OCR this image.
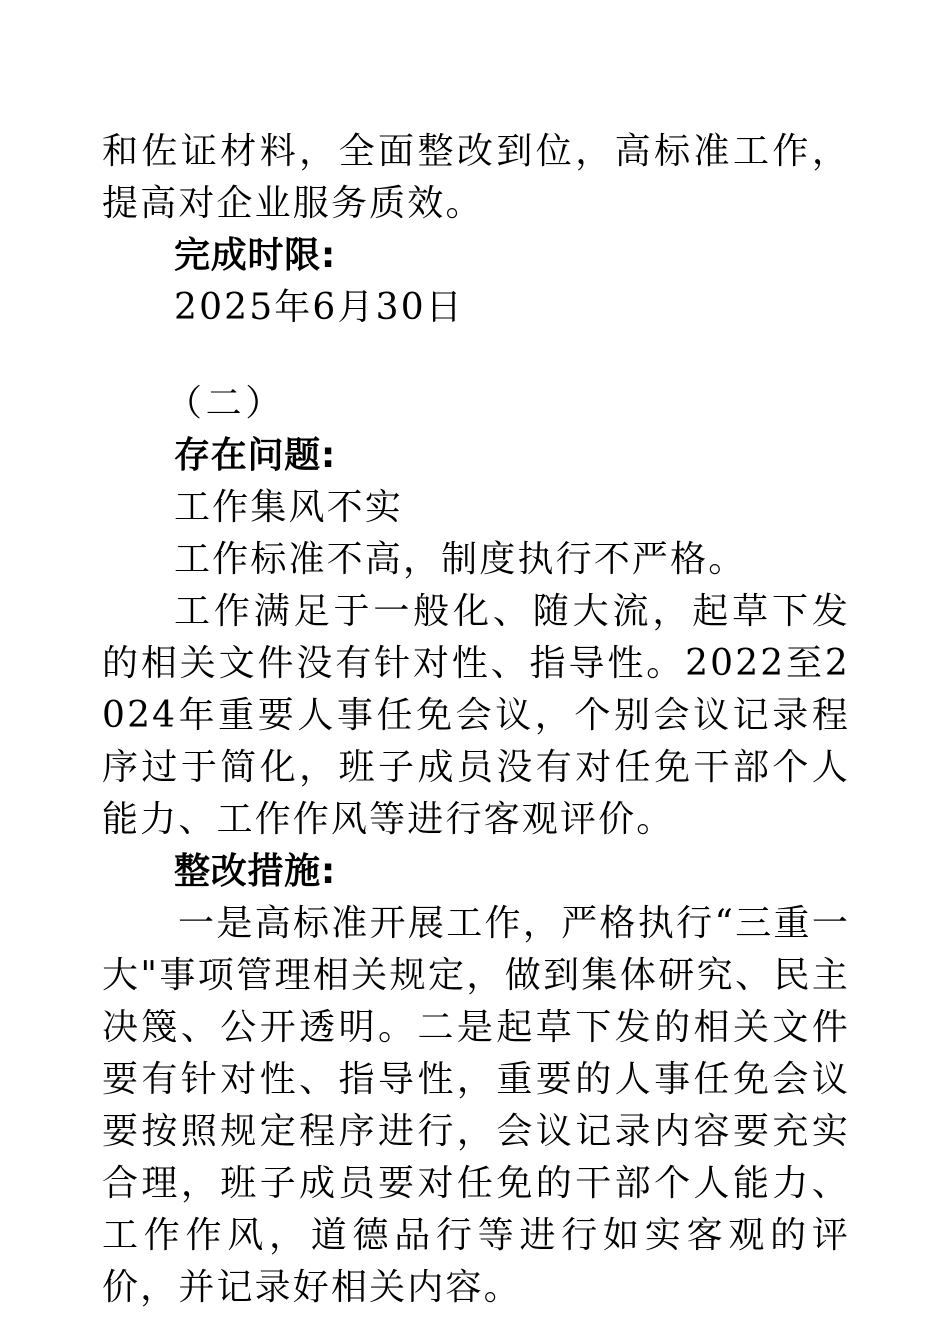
和佐证材料，全面整改到位，高标准工作，提高对企业服务质效。

完成时限:

2025年6月30日

（二）

存在问题:

工作集风不实

工作标准不高，制度执行不严格。

工作满足于一般化、随大流，起草下发的相关文件没有针对性、指导性。2022至2024年重要人事任免会议，个别会议记录程序过于简化，班子成员没有对任免干部个人能力、工作作风等进行客观评价。

整改措施:

一是高标准开展工作，严格执行“三重一大"事项管理相关规定，做到集体研究、民主决篾、公开透明。二是起草下发的相关文件要有针对性、指导性，重要的人事任免会议要按照规定程序进行，会议记录内容要充实合理，班子成员要对任免的干部个人能力、工作作风，道德品行等进行如实客观的评价，并记录好相关内容。
